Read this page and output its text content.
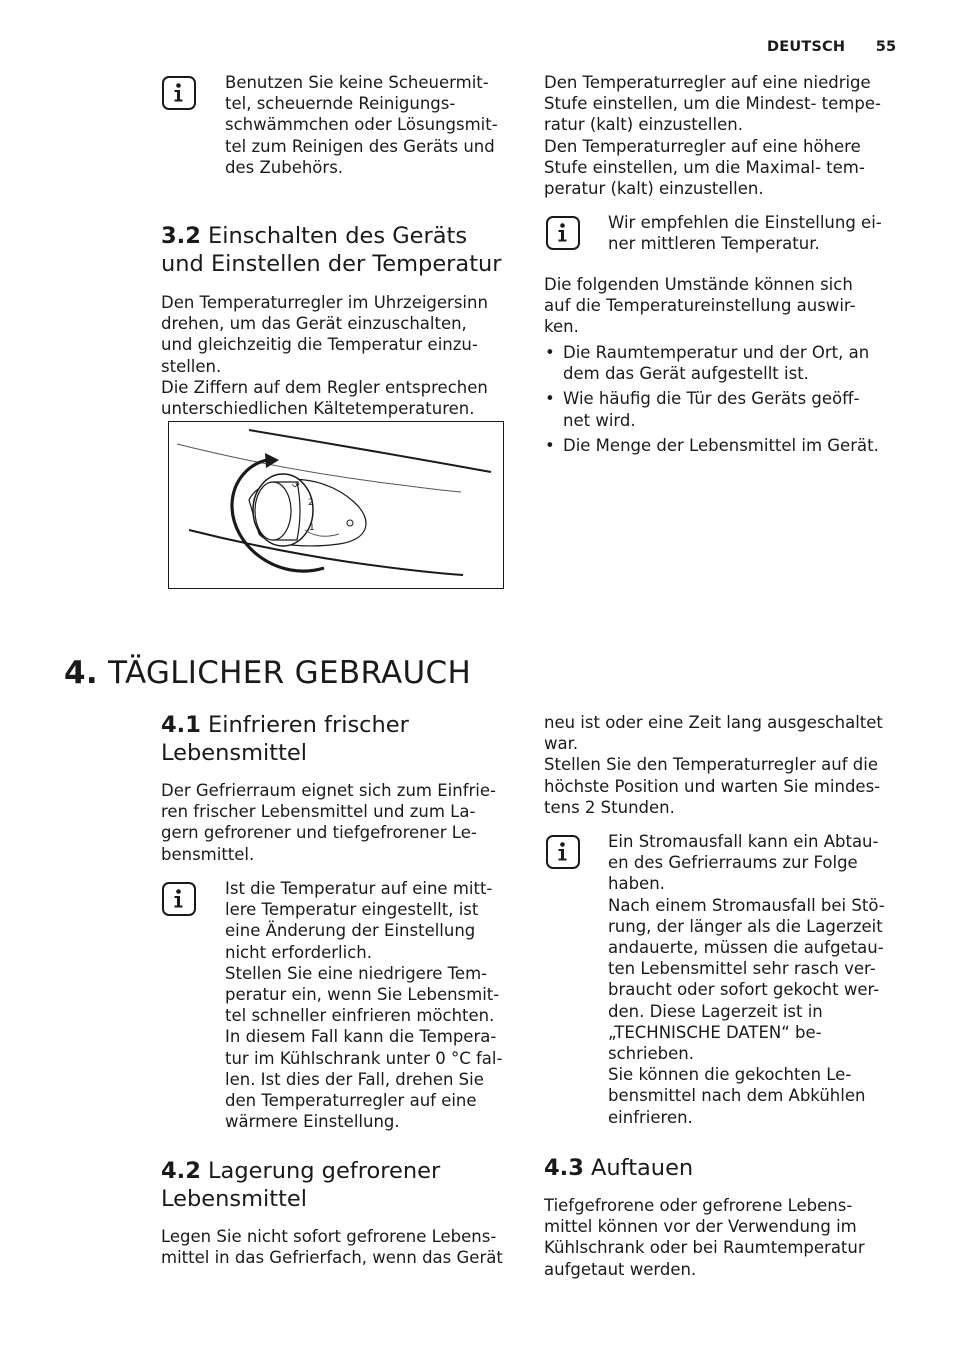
DEUTSCH 55
Benutzen Sie keine Scheuermit-
tel, scheuernde Reinigungs-
schwämmchen oder Lösungsmit-
tel zum Reinigen des Geräts und
des Zubehörs.
3.2 Einschalten des Geräts
und Einstellen der Temperatur
Den Temperaturregler im Uhrzeigersinn
drehen, um das Gerät einzuschalten,
und gleichzeitig die Temperatur einzu-
stellen.
Die Ziffern auf dem Regler entsprechen
unterschiedlichen Kältetemperaturen.
3
2
1
Den Temperaturregler auf eine niedrige
Stufe einstellen, um die Mindest- tempe-
ratur (kalt) einzustellen.
Den Temperaturregler auf eine höhere
Stufe einstellen, um die Maximal- tem-
peratur (kalt) einzustellen.
Wir empfehlen die Einstellung ei-
ner mittleren Temperatur.
Die folgenden Umstände können sich
auf die Temperatureinstellung auswir-
ken.
• Die Raumtemperatur und der Ort, an
dem das Gerät aufgestellt ist.
• Wie häufig die Tür des Geräts geöff-
net wird.
• Die Menge der Lebensmittel im Gerät.
4. TÄGLICHER GEBRAUCH
4.1 Einfrieren frischer
Lebensmittel
Der Gefrierraum eignet sich zum Einfrie-
ren frischer Lebensmittel und zum La-
gern gefrorener und tiefgefrorener Le-
bensmittel.
Ist die Temperatur auf eine mitt-
lere Temperatur eingestellt, ist
eine Änderung der Einstellung
nicht erforderlich.
Stellen Sie eine niedrigere Tem-
peratur ein, wenn Sie Lebensmit-
tel schneller einfrieren möchten.
In diesem Fall kann die Tempera-
tur im Kühlschrank unter 0 °C fal-
len. Ist dies der Fall, drehen Sie
den Temperaturregler auf eine
wärmere Einstellung.
4.2 Lagerung gefrorener
Lebensmittel
Legen Sie nicht sofort gefrorene Lebens-
mittel in das Gefrierfach, wenn das Gerät
neu ist oder eine Zeit lang ausgeschaltet
war.
Stellen Sie den Temperaturregler auf die
höchste Position und warten Sie mindes-
tens 2 Stunden.
Ein Stromausfall kann ein Abtau-
en des Gefrierraums zur Folge
haben.
Nach einem Stromausfall bei Stö-
rung, der länger als die Lagerzeit
andauerte, müssen die aufgetau-
ten Lebensmittel sehr rasch ver-
braucht oder sofort gekocht wer-
den. Diese Lagerzeit ist in
„TECHNISCHE DATEN“ be-
schrieben.
Sie können die gekochten Le-
bensmittel nach dem Abkühlen
einfrieren.
4.3 Auftauen
Tiefgefrorene oder gefrorene Lebens-
mittel können vor der Verwendung im
Kühlschrank oder bei Raumtemperatur
aufgetaut werden.
